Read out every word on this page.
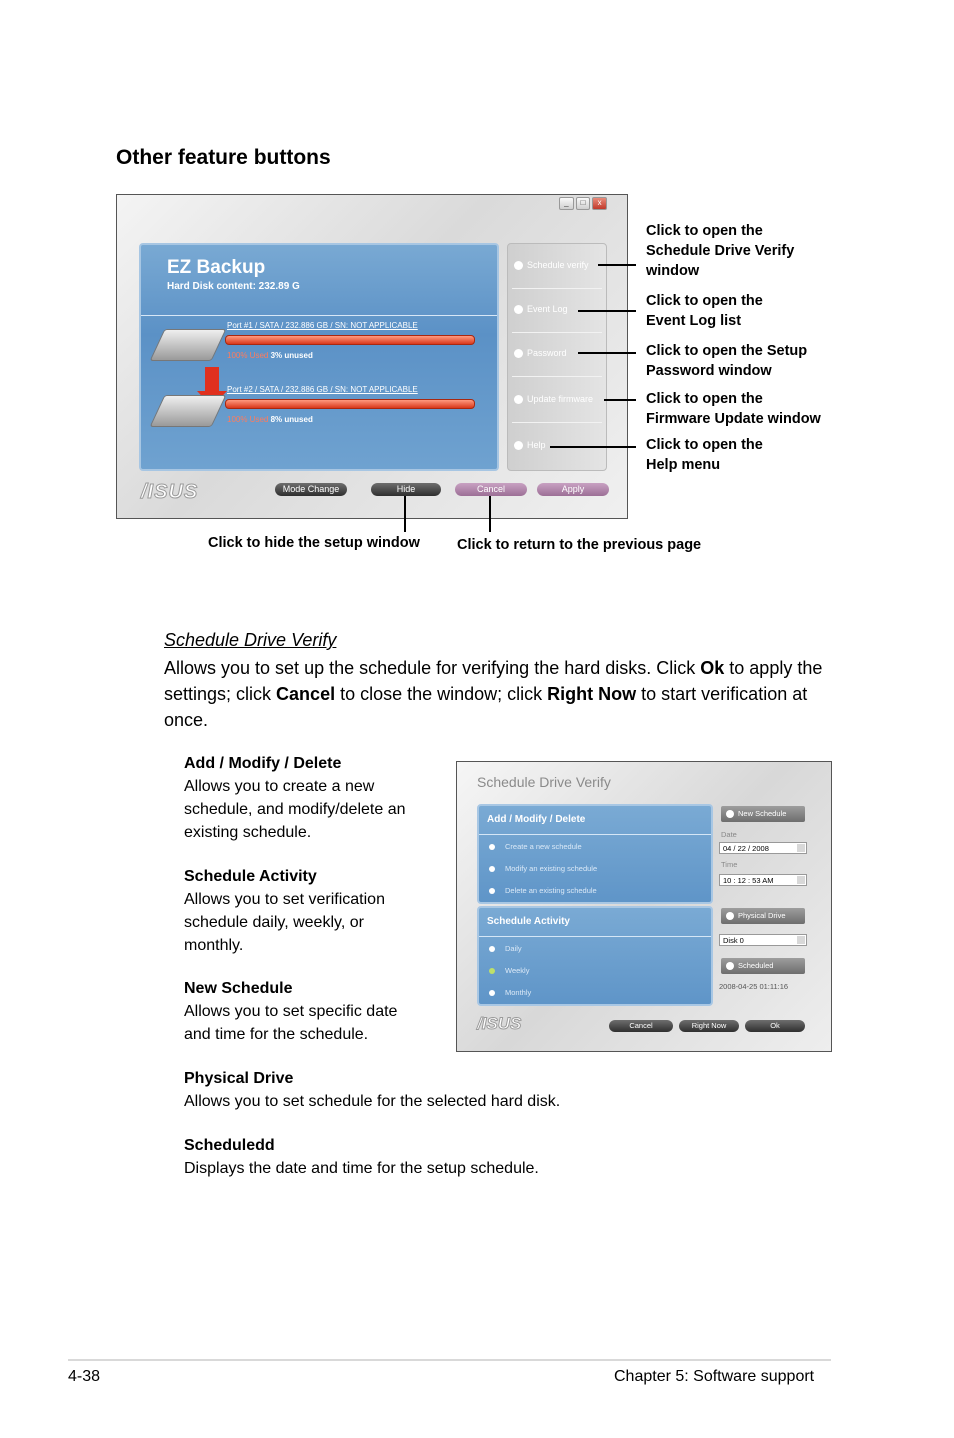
Other feature buttons
_	□	x
EZ Backup
Hard Disk content: 232.89 G
Port #1 / SATA / 232.886 GB / SN: NOT APPLICABLE
100% Used 3% unused
Port #2 / SATA / 232.886 GB / SN: NOT APPLICABLE
100% Used 8% unused
Schedule verify
Event Log
Password
Update firmware
Help
/ISUS	Mode Change	Hide	Cancel	Apply
Click to open the
Schedule Drive Verify
window
Click to open the
Event Log list
Click to open the Setup
Password window
Click to open the
Firmware Update window
Click to open the
Help menu
Click to hide the setup window	Click to return to the previous page
Schedule Drive Verify
Allows you to set up the schedule for verifying the hard disks. Click Ok to apply the settings; click Cancel to close the window; click Right Now to start verification at once.
Add / Modify / Delete
Allows you to create a new
schedule, and modify/delete an
existing schedule.
Schedule Activity
Allows you to set verification
schedule daily, weekly, or
monthly.
New Schedule
Allows you to set specific date
and time for the schedule.
Physical Drive
Allows you to set schedule for the selected hard disk.
Scheduledd
Displays the date and time for the setup schedule.
Schedule Drive Verify
Add / Modify / Delete
Create a new schedule
Modify an existing schedule
Delete an existing schedule
Schedule Activity
Daily
Weekly
Monthly
New Schedule
Date
04 / 22 / 2008
Time
10 : 12 : 53 AM
Physical Drive
Disk 0
Scheduled
2008-04-25 01:11:16
/ISUS	Cancel	Right Now	Ok
4-38	Chapter 5: Software support
